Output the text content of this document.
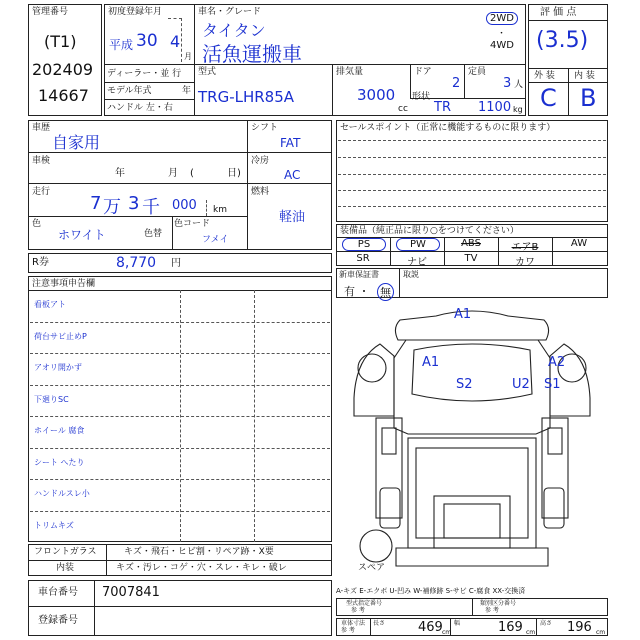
管理番号
(T1)
202409
14667
初度登録年月
平成 30 4
月
車名・グレード
タイタン
活魚運搬車
2WD
・
4WD
ディーラー・並 行
モデル年式	年
ハンドル 左・右
型式
TRG-LHR85A
排気量
3000
cc
ドア
2
定員
3 人
形状
TR 1100 kg
評 価 点
(3.5)
外 装 内 装
C B
車歴
自家用
車検
年	月 (	日)
走行
7 万 3 千 000 km
色
ホワイト	色替
色コード
フメイ
シフト
FAT
冷房
AC
燃料
軽油
R券	8,770 円
注意事項申告欄
看板アト
荷台サビ止めP
アオリ開かず
下廻りSC
ホイール 腐食
シート へたり
ハンドルスレ小
トリムキズ
セールスポイント（正常に機能するものに限ります）
装備品（純正品に限り○をつけてください）
PS	PW	ABS	エアB	AW
SR	ナビ	TV	カワ
新車保証書
有 ・ 無
取説
A1
A1	A2
S2	U2 S1
スペア
フロントガラス	キズ・飛石・ヒビ割・リペア跡・X要
内装	キズ・汚レ・コゲ・穴・スレ・キレ・破レ
車台番号 7007841
登録番号
A-キズ E-エクボ U-凹み W-補修跡 S-サビ C-腐食 XX-交換済
型式指定番号
参 考
類別区分番号
参 考
車体寸法
参 考
長さ	469 cm
幅	169 cm
高さ 196 cm
